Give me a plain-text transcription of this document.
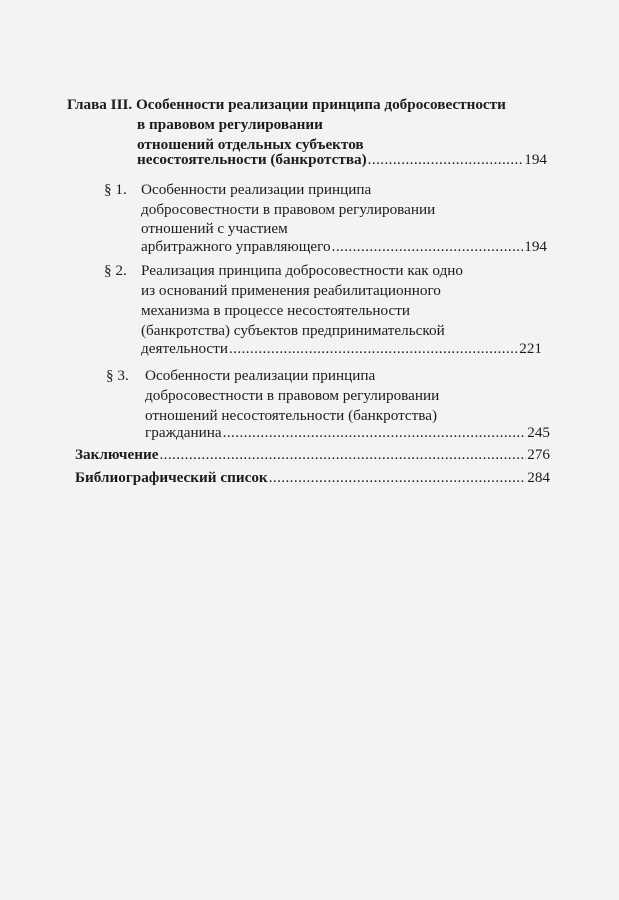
Глава III. Особенности реализации принципа добросовестности
в правовом регулировании
отношений отдельных субъектов
несостоятельности (банкротства) .....	194
§ 1. Особенности реализации принципа
добросовестности в правовом регулировании
отношений с участием
арбитражного управляющего .....	194
§ 2. Реализация принципа добросовестности как одно
из оснований применения реабилитационного
механизма в процессе несостоятельности
(банкротства) субъектов предпринимательской
деятельности .....	221
§ 3. Особенности реализации принципа
добросовестности в правовом регулировании
отношений несостоятельности (банкротства)
гражданина .....	245
Заключение .....	276
Библиографический список .....	284
